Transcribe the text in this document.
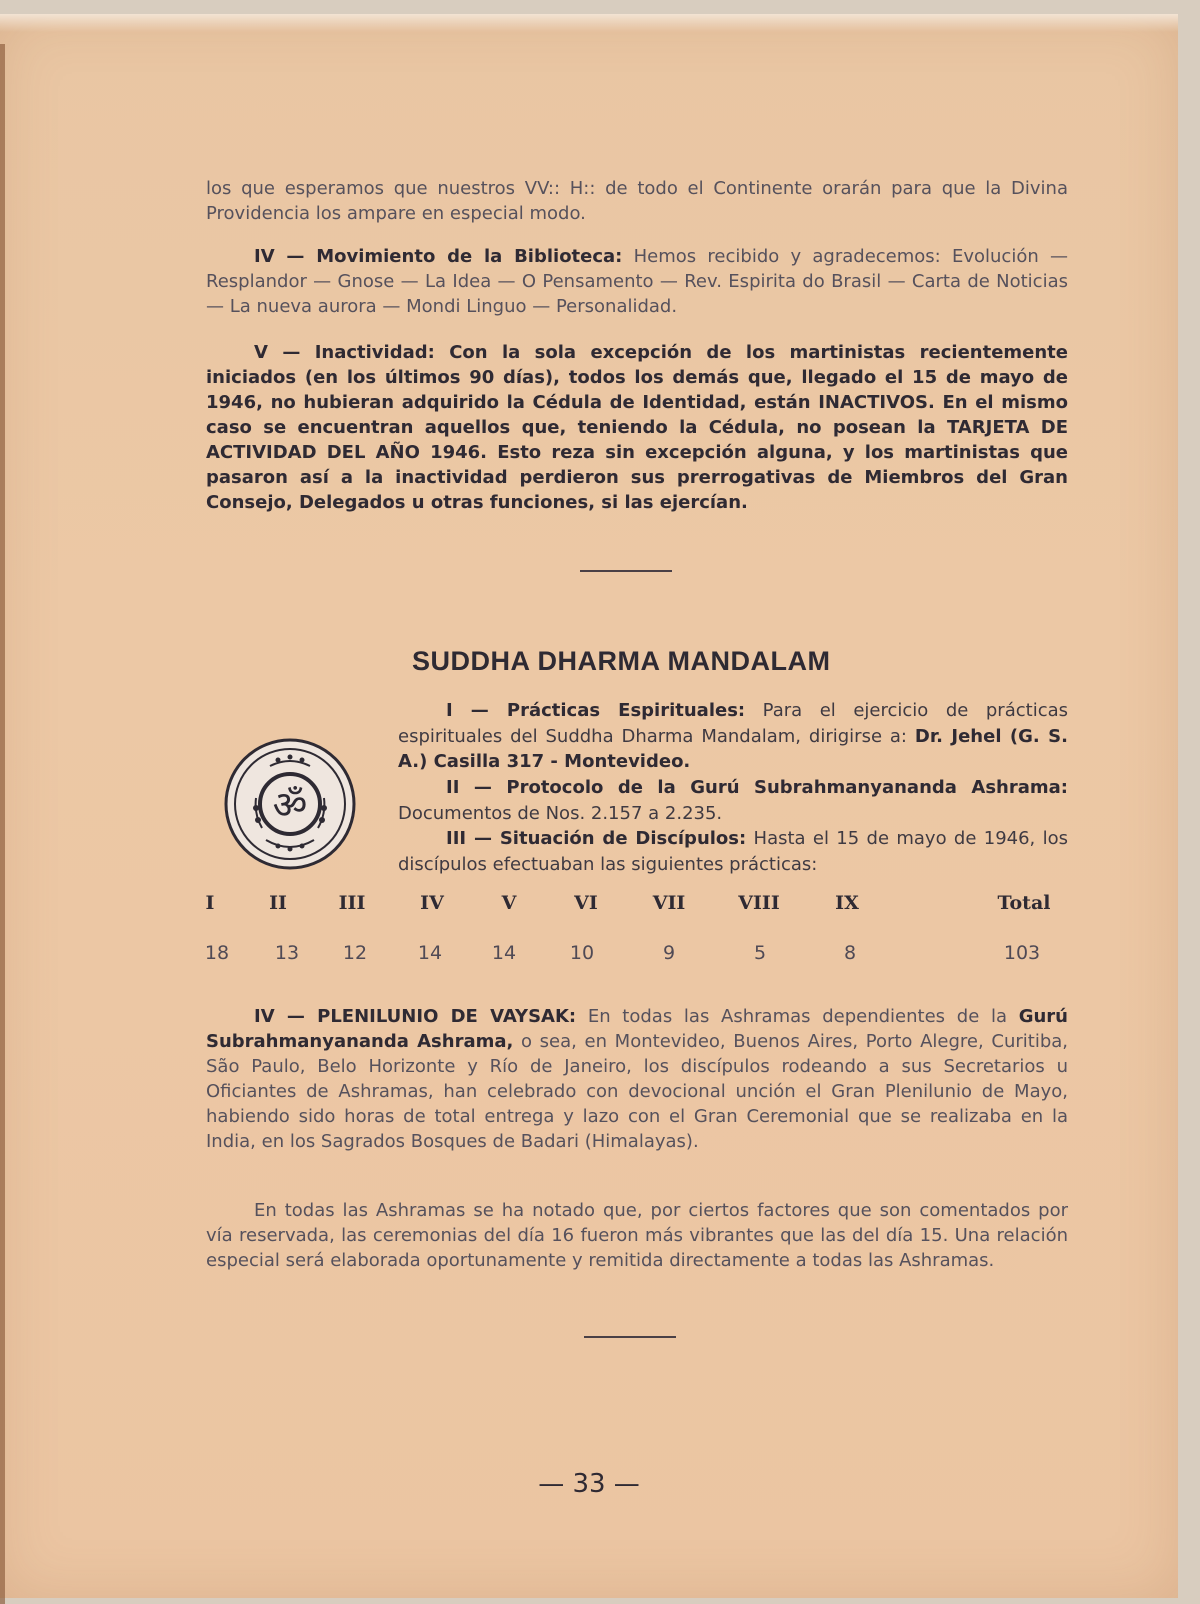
los que esperamos que nuestros VV:: H:: de todo el Continente orarán para que la Divina Providencia los ampare en especial modo.

IV — Movimiento de la Biblioteca: Hemos recibido y agradecemos: Evolución — Resplandor — Gnose — La Idea — O Pensamento — Rev. Espirita do Brasil — Carta de Noticias — La nueva aurora — Mondi Linguo — Personalidad.

V — Inactividad: Con la sola excepción de los martinistas recientemente iniciados (en los últimos 90 días), todos los demás que, llegado el 15 de mayo de 1946, no hubieran adquirido la Cédula de Identidad, están INACTIVOS. En el mismo caso se encuentran aquellos que, teniendo la Cédula, no posean la TARJETA DE ACTIVIDAD DEL AÑO 1946. Esto reza sin excepción alguna, y los martinistas que pasaron así a la inactividad perdieron sus prerrogativas de Miembros del Gran Consejo, Delegados u otras funciones, si las ejercían.

SUDDHA DHARMA MANDALAM
ॐ

I — Prácticas Espirituales: Para el ejercicio de prácticas espirituales del Suddha Dharma Mandalam, dirigirse a: Dr. Jehel (G. S. A.) Casilla 317 - Montevideo.

II — Protocolo de la Gurú Subrahmanyananda Ashrama: Documentos de Nos. 2.157 a 2.235.

III — Situación de Discípulos: Hasta el 15 de mayo de 1946, los discípulos efectuaban las siguientes prácticas:

I	II	III	IV	V	VI	VII	VIII	IX	Total
18 13 12	14	14	10	9	5	8	103

IV — PLENILUNIO DE VAYSAK: En todas las Ashramas dependientes de la Gurú Subrahmanyananda Ashrama, o sea, en Montevideo, Buenos Aires, Porto Alegre, Curitiba, São Paulo, Belo Horizonte y Río de Janeiro, los discípulos rodeando a sus Secretarios u Oficiantes de Ashramas, han celebrado con devocional unción el Gran Plenilunio de Mayo, habiendo sido horas de total entrega y lazo con el Gran Ceremonial que se realizaba en la India, en los Sagrados Bosques de Badari (Himalayas).

En todas las Ashramas se ha notado que, por ciertos factores que son comentados por vía reservada, las ceremonias del día 16 fueron más vibrantes que las del día 15. Una relación especial será elaborada oportunamente y remitida directamente a todas las Ashramas.

— 33 —
